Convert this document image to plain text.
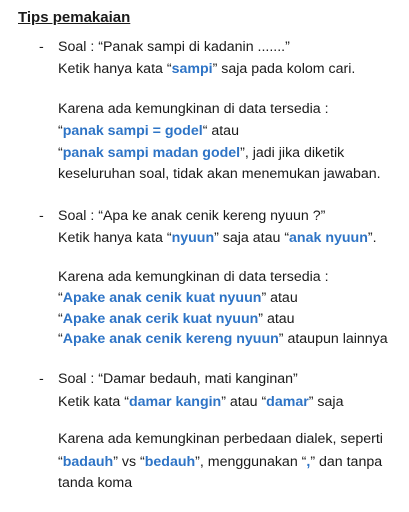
Tips pemakaian
- Soal : “Panak sampi di kadanin .......”
Ketik hanya kata “sampi” saja pada kolom cari.
Karena ada kemungkinan di data tersedia :
“panak sampi = godel“ atau
“panak sampi madan godel”, jadi jika diketik
keseluruhan soal, tidak akan menemukan jawaban.
- Soal : “Apa ke anak cenik kereng nyuun ?”
Ketik hanya kata “nyuun” saja atau “anak nyuun”.
Karena ada kemungkinan di data tersedia :
“Apake anak cenik kuat nyuun” atau
“Apake anak cerik kuat nyuun” atau
“Apake anak cenik kereng nyuun” ataupun lainnya
- Soal : “Damar bedauh, mati kanginan”
Ketik kata “damar kangin” atau “damar” saja
Karena ada kemungkinan perbedaan dialek, seperti
“badauh” vs “bedauh”, menggunakan “,” dan tanpa
tanda koma
